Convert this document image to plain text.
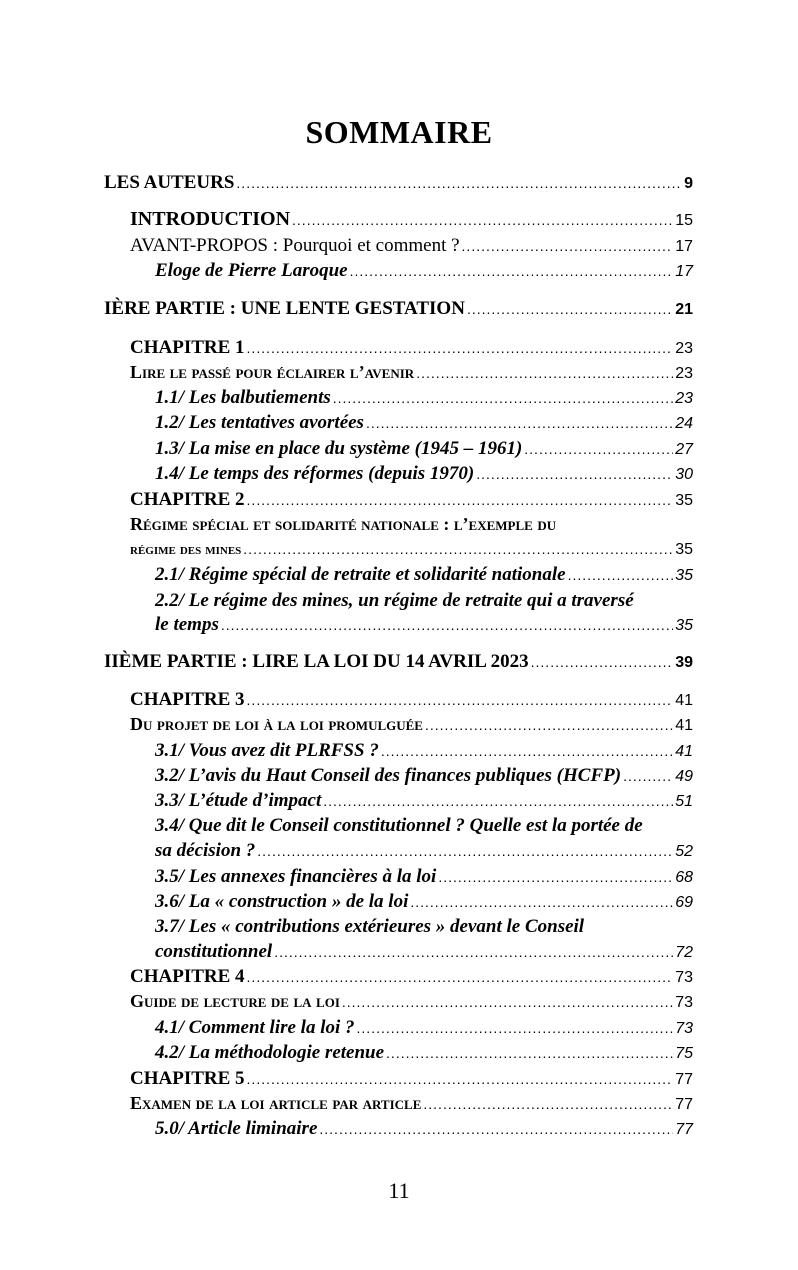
SOMMAIRE
LES AUTEURS .....	9
INTRODUCTION .....	15
AVANT-PROPOS : Pourquoi et comment ? .....	17
Eloge de Pierre Laroque .....	17
IÈRE PARTIE : UNE LENTE GESTATION .....	21
CHAPITRE 1 .....	23
Lire le passé pour éclairer l’avenir .....	23
1.1/ Les balbutiements .....	23
1.2/ Les tentatives avortées .....	24
1.3/ La mise en place du système (1945 – 1961) .....	27
1.4/ Le temps des réformes (depuis 1970) .....	30
CHAPITRE 2 .....	35
Régime spécial et solidarité nationale : l’exemple du
régime des mines .....	35
2.1/ Régime spécial de retraite et solidarité nationale .....	35
2.2/ Le régime des mines, un régime de retraite qui a traversé
le temps .....	35
IIÈME PARTIE : LIRE LA LOI DU 14 AVRIL 2023 .....	39
CHAPITRE 3 .....	41
Du projet de loi à la loi promulguée .....	41
3.1/ Vous avez dit PLRFSS ? .....	41
3.2/ L’avis du Haut Conseil des finances publiques (HCFP) .....	49
3.3/ L’étude d’impact .....	51
3.4/ Que dit le Conseil constitutionnel ? Quelle est la portée de
sa décision ? .....	52
3.5/ Les annexes financières à la loi .....	68
3.6/ La « construction » de la loi .....	69
3.7/ Les « contributions extérieures » devant le Conseil
constitutionnel .....	72
CHAPITRE 4 .....	73
Guide de lecture de la loi .....	73
4.1/ Comment lire la loi ? .....	73
4.2/ La méthodologie retenue .....	75
CHAPITRE 5 .....	77
Examen de la loi article par article .....	77
5.0/ Article liminaire .....	77
11
